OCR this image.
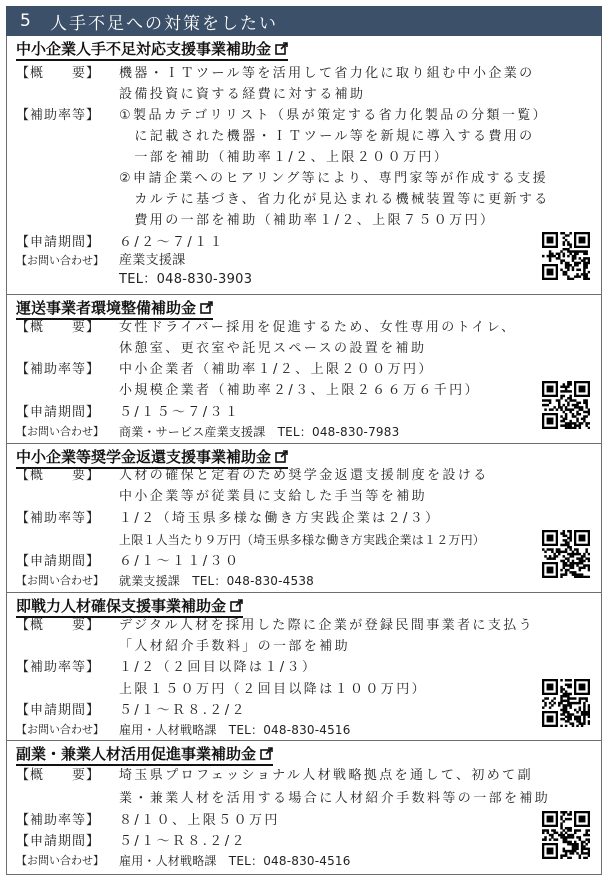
5	人手不足への対策をしたい
中小企業人手不足対応支援事業補助金
【概　　要】	機器・ＩＴツール等を活用して省力化に取り組む中小企業の
設備投資に資する経費に対する補助
【補助率等】	①製品カテゴリリスト（県が策定する省力化製品の分類一覧）
　に記載された機器・ＩＴツール等を新規に導入する費用の
　一部を補助（補助率１/２、上限２００万円）
②申請企業へのヒアリング等により、専門家等が作成する支援
　カルテに基づき、省力化が見込まれる機械装置等に更新する
　費用の一部を補助（補助率１/２、上限７５０万円）
【申請期間】	６/２～７/１１
【お問い合わせ】	産業支援課
TEL：048-830-3903
運送事業者環境整備補助金
【概　　要】	女性ドライバー採用を促進するため、女性専用のトイレ、
休憩室、更衣室や託児スペースの設置を補助
【補助率等】	中小企業者（補助率１/２、上限２００万円）
小規模企業者（補助率２/３、上限２６６万６千円）
【申請期間】	５/１５～７/３１
【お問い合わせ】	商業・サービス産業支援課　TEL：048-830-7983
中小企業等奨学金返還支援事業補助金
【概　　要】	人材の確保と定着のため奨学金返還支援制度を設ける
中小企業等が従業員に支給した手当等を補助
【補助率等】	１/２（埼玉県多様な働き方実践企業は２/３）
上限１人当たり９万円（埼玉県多様な働き方実践企業は１２万円）
【申請期間】	６/１～１１/３０
【お問い合わせ】	就業支援課　TEL：048-830-4538
即戦力人材確保支援事業補助金
【概　　要】	デジタル人材を採用した際に企業が登録民間事業者に支払う
「人材紹介手数料」の一部を補助
【補助率等】	１/２（２回目以降は１/３）
上限１５０万円（２回目以降は１００万円）
【申請期間】	５/１～Ｒ８.２/２
【お問い合わせ】	雇用・人材戦略課　TEL：048-830-4516
副業・兼業人材活用促進事業補助金
【概　　要】	埼玉県プロフェッショナル人材戦略拠点を通して、初めて副
業・兼業人材を活用する場合に人材紹介手数料等の一部を補助
【補助率等】	８/１０、上限５０万円
【申請期間】	５/１～Ｒ８.２/２
【お問い合わせ】	雇用・人材戦略課　TEL：048-830-4516
